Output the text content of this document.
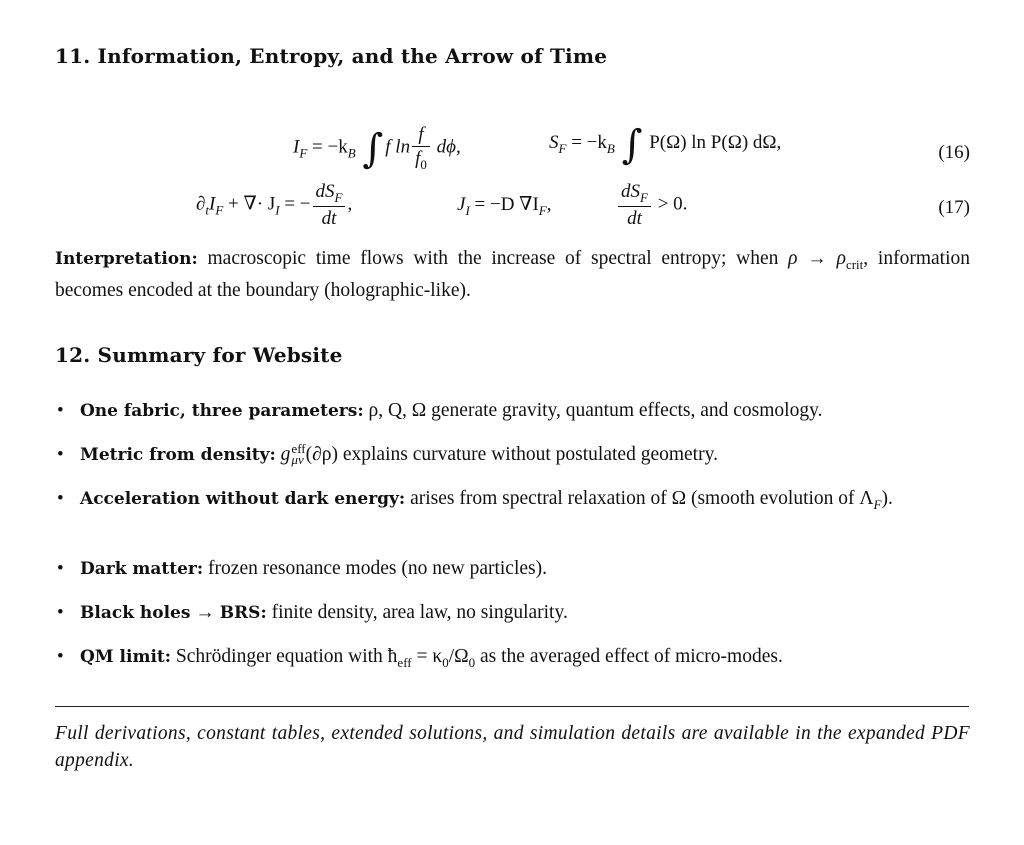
11. Information, Entropy, and the Arrow of Time
$I_F = -k_B$ ∫ f $\ln \frac{f}{f_0} d\phi$,	$S_F = -k_B$ ∫ P(Ω) ln P(Ω) dΩ,	(16)
$\partial_tI_F$ + ∇· $J_I$ = − $\frac{dS_F}{dt}$ ,	$J_I = -D$ $\nabla I_F$,	$\frac{dS_F}{dt} > 0$.	(17)
Interpretation: macroscopic time flows with the increase of spectral entropy; when $\rho \to \rho_{crit}$, information becomes encoded at the boundary (holographic-like).
12. Summary for Website
• One fabric, three parameters: ρ, Q, Ω generate gravity, quantum effects, and cosmology.
• Metric from density: g eff
μν (∂ρ) explains curvature without postulated geometry.
• Acceleration without dark energy: arises from spectral relaxation of Ω (smooth evolution of $\Lambda_F$).
• Dark matter: frozen resonance modes (no new particles).
• Black holes → BRS: finite density, area law, no singularity.
• QM limit: Schrödinger equation with $ħ_{eff} = \kappa_0/\Omega_0$ as the averaged effect of micro-modes.
Full derivations, constant tables, extended solutions, and simulation details are available in the expanded PDF appendix.
